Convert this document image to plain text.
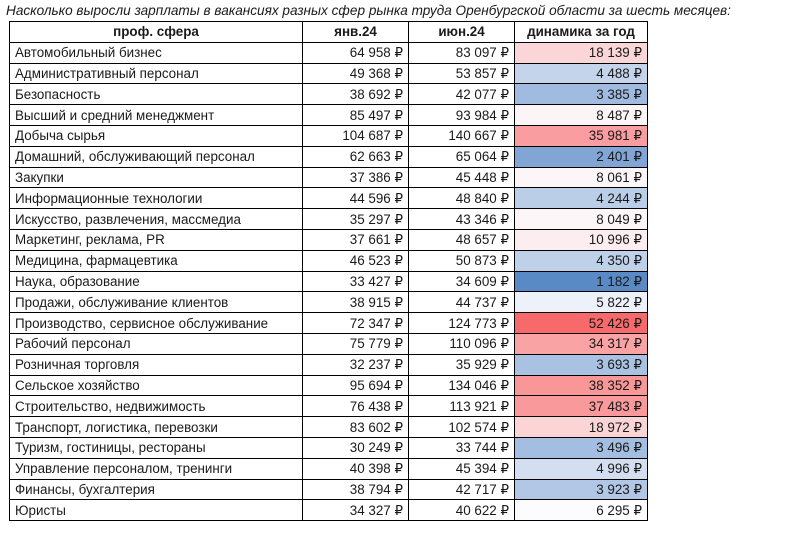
Насколько выросли зарплаты в вакансиях разных сфер рынка труда Оренбургской области за шесть месяцев:
проф. сфера	янв.24	июн.24	динамика за год
Автомобильный бизнес	64 958 ₽	83 097 ₽	18 139 ₽
Административный персонал	49 368 ₽	53 857 ₽	4 488 ₽
Безопасность	38 692 ₽	42 077 ₽	3 385 ₽
Высший и средний менеджмент	85 497 ₽	93 984 ₽	8 487 ₽
Добыча сырья	104 687 ₽	140 667 ₽	35 981 ₽
Домашний, обслуживающий персонал	62 663 ₽	65 064 ₽	2 401 ₽
Закупки	37 386 ₽	45 448 ₽	8 061 ₽
Информационные технологии	44 596 ₽	48 840 ₽	4 244 ₽
Искусство, развлечения, массмедиа	35 297 ₽	43 346 ₽	8 049 ₽
Маркетинг, реклама, PR	37 661 ₽	48 657 ₽	10 996 ₽
Медицина, фармацевтика	46 523 ₽	50 873 ₽	4 350 ₽
Наука, образование	33 427 ₽	34 609 ₽	1 182 ₽
Продажи, обслуживание клиентов	38 915 ₽	44 737 ₽	5 822 ₽
Производство, сервисное обслуживание	72 347 ₽	124 773 ₽	52 426 ₽
Рабочий персонал	75 779 ₽	110 096 ₽	34 317 ₽
Розничная торговля	32 237 ₽	35 929 ₽	3 693 ₽
Сельское хозяйство	95 694 ₽	134 046 ₽	38 352 ₽
Строительство, недвижимость	76 438 ₽	113 921 ₽	37 483 ₽
Транспорт, логистика, перевозки	83 602 ₽	102 574 ₽	18 972 ₽
Туризм, гостиницы, рестораны	30 249 ₽	33 744 ₽	3 496 ₽
Управление персоналом, тренинги	40 398 ₽	45 394 ₽	4 996 ₽
Финансы, бухгалтерия	38 794 ₽	42 717 ₽	3 923 ₽
Юристы	34 327 ₽	40 622 ₽	6 295 ₽
